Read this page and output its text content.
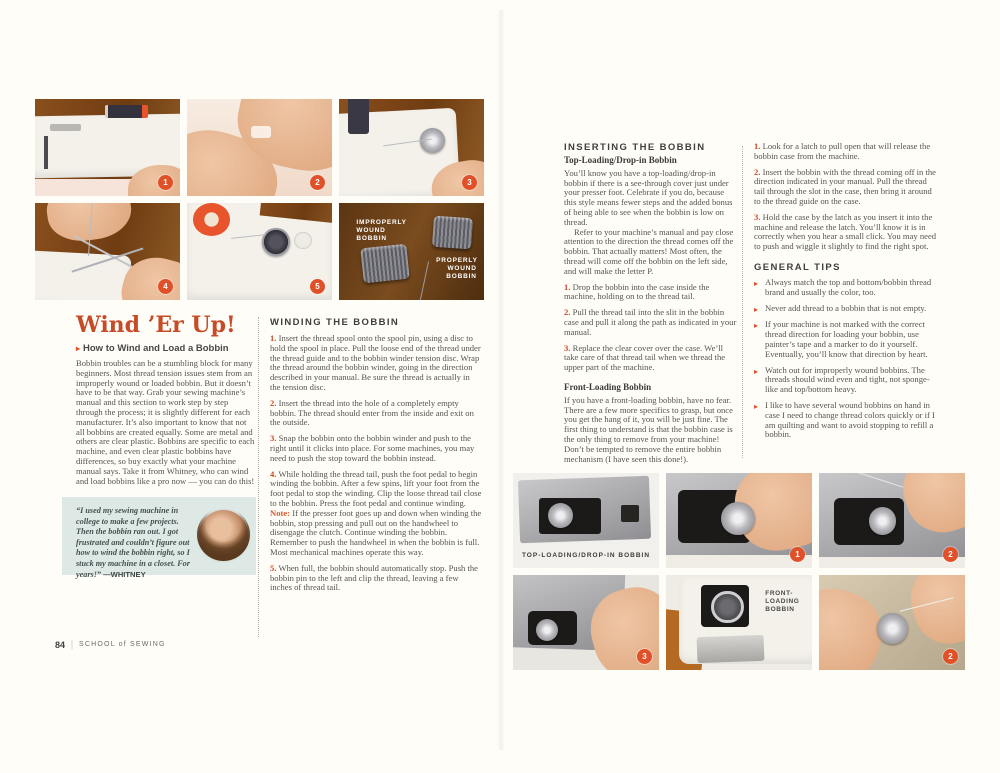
1	2	3
4	5
IMPROPERLY WOUND BOBBIN
PROPERLY WOUND BOBBIN
Wind ’Er Up!
▸ How to Wind and Load a Bobbin

Bobbin troubles can be a stumbling block for many beginners. Most thread tension issues stem from an improperly wound or loaded bobbin. But it doesn’t have to be that way. Grab your sewing machine’s manual and this section to work step by step through the process; it is slightly different for each manufacturer. It’s also important to know that not all bobbins are created equally. Some are metal and others are clear plastic. Bobbins are specific to each machine, and even clear plastic bobbins have differences, so buy exactly what your machine manual says. Take it from Whitney, who can wind and load bobbins like a pro now — you can do this!

“I used my sewing machine in college to make a few projects. Then the bobbin ran out. I got frustrated and couldn’t figure out how to wind the bobbin right, so I stuck my machine in a closet. For years!” —WHITNEY

WINDING THE BOBBIN

1. Insert the thread spool onto the spool pin, using a disc to hold the spool in place. Pull the loose end of the thread under the thread guide and to the bobbin winder tension disc. Wrap the thread around the bobbin winder, going in the direction described in your manual. Be sure the thread is actually in the tension disc.

2. Insert the thread into the hole of a completely empty bobbin. The thread should enter from the inside and exit on the outside.

3. Snap the bobbin onto the bobbin winder and push to the right until it clicks into place. For some machines, you may need to push the stop toward the bobbin instead.

4. While holding the thread tail, push the foot pedal to begin winding the bobbin. After a few spins, lift your foot from the foot pedal to stop the winding. Clip the loose thread tail close to the bobbin. Press the foot pedal and continue winding.
Note: If the presser foot goes up and down when winding the bobbin, stop pressing and pull out on the handwheel to disengage the clutch. Continue winding the bobbin. Remember to push the handwheel in when the bobbin is full. Most mechanical machines operate this way.

5. When full, the bobbin should automatically stop. Push the bobbin pin to the left and clip the thread, leaving a few inches of thread tail.

84 | SCHOOL of SEWING
INSERTING THE BOBBIN
Top-Loading/Drop-in Bobbin

You’ll know you have a top-loading/drop-in bobbin if there is a see-through cover just under your presser foot. Celebrate if you do, because this style means fewer steps and the added bonus of being able to see when the bobbin is low on thread.

Refer to your machine’s manual and pay close attention to the direction the thread comes off the bobbin. That actually matters! Most often, the thread will come off the bobbin on the left side, and will make the letter P.

1. Drop the bobbin into the case inside the machine, holding on to the thread tail.

2. Pull the thread tail into the slit in the bobbin case and pull it along the path as indicated in your manual.

3. Replace the clear cover over the case. We’ll take care of that thread tail when we thread the upper part of the machine.

Front-Loading Bobbin

If you have a front-loading bobbin, have no fear. There are a few more specifics to grasp, but once you get the hang of it, you will be just fine. The first thing to understand is that the bobbin case is the only thing to remove from your machine! Don’t be tempted to remove the entire bobbin mechanism (I have seen this done!).

1. Look for a latch to pull open that will release the bobbin case from the machine.

2. Insert the bobbin with the thread coming off in the direction indicated in your manual. Pull the thread tail through the slot in the case, then bring it around to the thread guide on the case.

3. Hold the case by the latch as you insert it into the machine and release the latch. You’ll know it is in correctly when you hear a small click. You may need to push and wiggle it slightly to find the right spot.

GENERAL TIPS
▸ Always match the top and bottom/bobbin thread brand and usually the color, too.
▸ Never add thread to a bobbin that is not empty.
▸ If your machine is not marked with the correct thread direction for loading your bobbin, use painter’s tape and a marker to do it yourself. Eventually, you’ll know that direction by heart.
▸ Watch out for improperly wound bobbins. The threads should wind even and tight, not sponge-like and top/bottom heavy.
▸ I like to have several wound bobbins on hand in case I need to change thread colors quickly or if I am quilting and want to avoid stopping to refill a bobbin.
TOP-LOADING/DROP-IN BOBBIN	1	2
3
FRONT-LOADING BOBBIN
2
